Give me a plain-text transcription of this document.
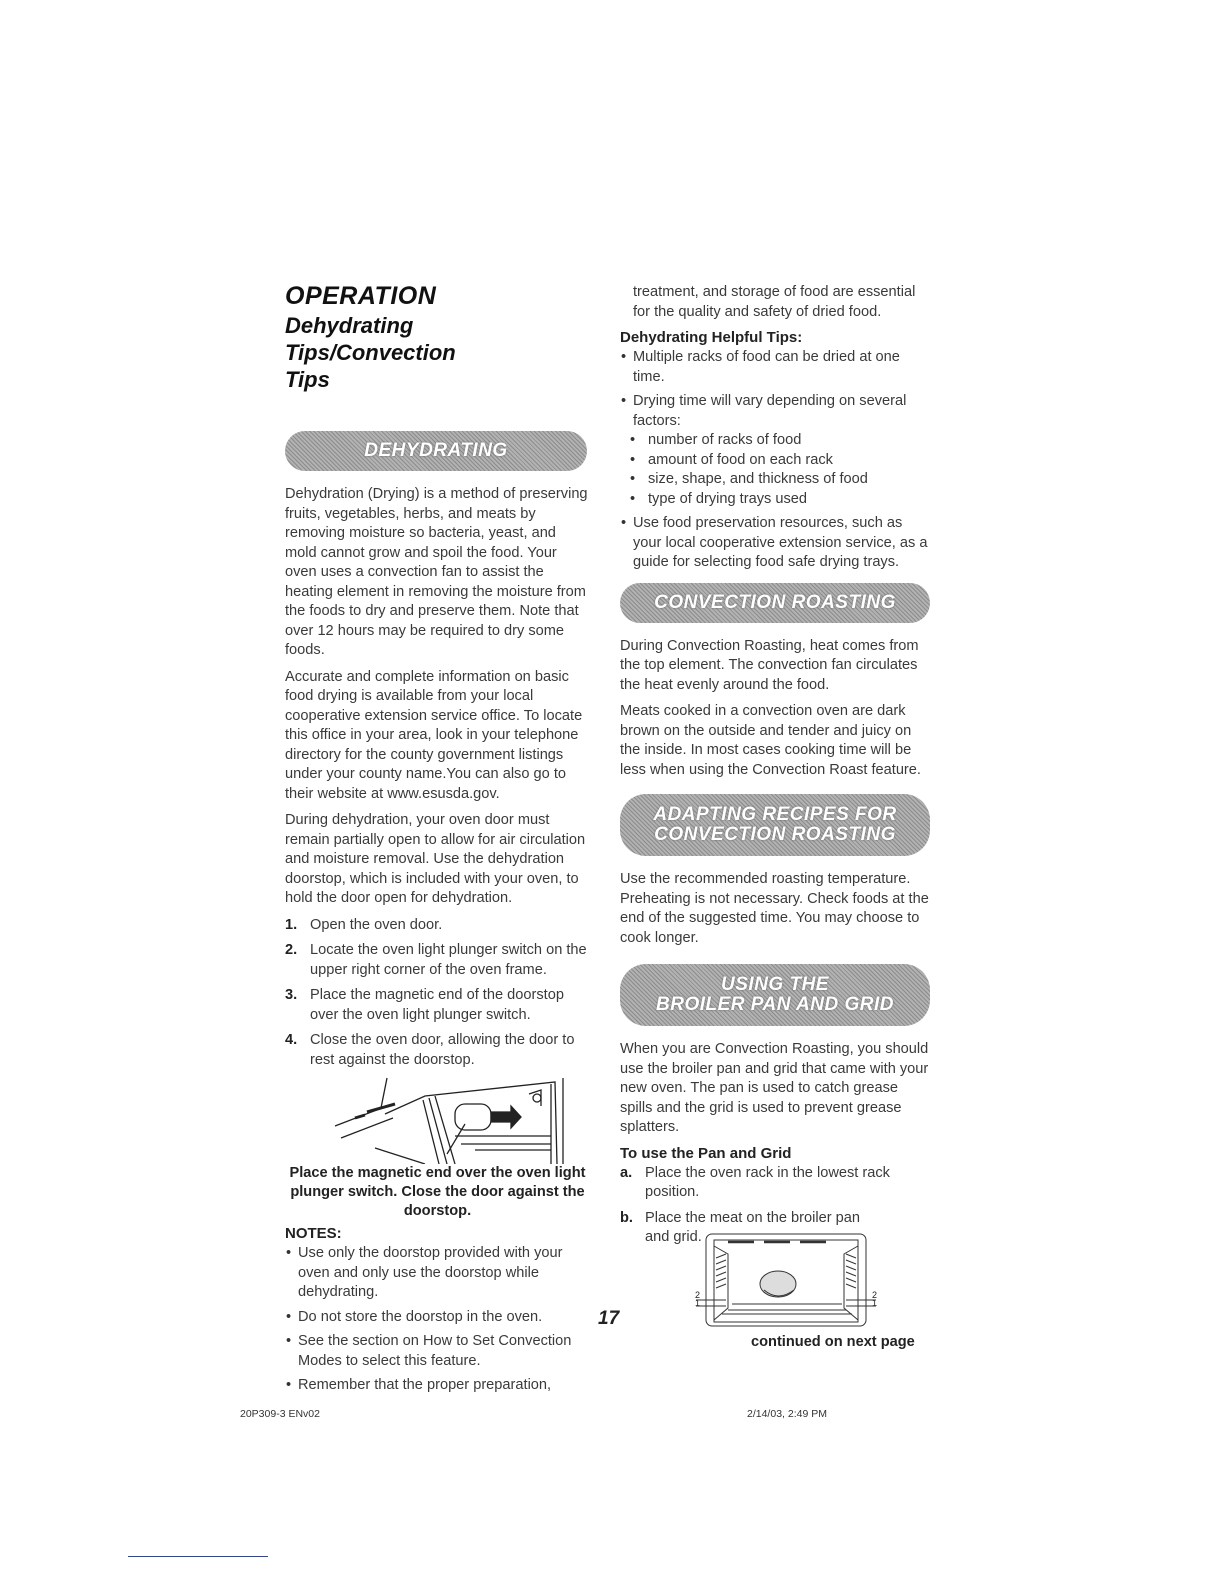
OPERATION
Dehydrating Tips/Convection
Tips
DEHYDRATING

Dehydration (Drying) is a method of preserving fruits, vegetables, herbs, and meats by removing moisture so bacteria, yeast, and mold cannot grow and spoil the food. Your oven uses a convection fan to assist the heating element in removing the moisture from the foods to dry and preserve them. Note that over 12 hours may be required to dry some foods.

Accurate and complete information on basic food drying is available from your local cooperative extension service office. To locate this office in your area, look in your telephone directory for the county government listings under your county name.You can also go to their website at www.esusda.gov.

During dehydration, your oven door must remain partially open to allow for air circulation and moisture removal. Use the dehydration doorstop, which is included with your oven, to hold the door open for dehydration.

1. Open the oven door.
2. Locate the oven light plunger switch on the upper right corner of the oven frame.
3. Place the magnetic end of the doorstop over the oven light plunger switch.
4. Close the oven door, allowing the door to rest against the doorstop.

Place the magnetic end over the oven light plunger switch. Close the door against the doorstop.

NOTES:
• Use only the doorstop provided with your oven and only use the doorstop while dehydrating.
• Do not store the doorstop in the oven.
• See the section on How to Set Convection Modes to select this feature.
• Remember that the proper preparation,

treatment, and storage of food are essential for the quality and safety of dried food.

Dehydrating Helpful Tips:
• Multiple racks of food can be dried at one time.
• Drying time will vary depending on several factors:
• number of racks of food
• amount of food on each rack
• size, shape, and thickness of food
• type of drying trays used
• Use food preservation resources, such as your local cooperative extension service, as a guide for selecting food safe drying trays.
CONVECTION ROASTING

During Convection Roasting, heat comes from the top element. The convection fan circulates the heat evenly around the food.

Meats cooked in a convection oven are dark brown on the outside and tender and juicy on the inside. In most cases cooking time will be less when using the Convection Roast feature.

ADAPTING RECIPES FOR
CONVECTION ROASTING

Use the recommended roasting temperature. Preheating is not necessary. Check foods at the end of the suggested time. You may choose to cook longer.

USING THE
BROILER PAN AND GRID

When you are Convection Roasting, you should use the broiler pan and grid that came with your new oven. The pan is used to catch grease spills and the grid is used to prevent grease splatters.

To use the Pan and Grid
a. Place the oven rack in the lowest rack position.
b. Place the meat on the broiler pan and grid.
2
1
2
1
17
continued on next page
20P309-3 ENv02	2/14/03, 2:49 PM
